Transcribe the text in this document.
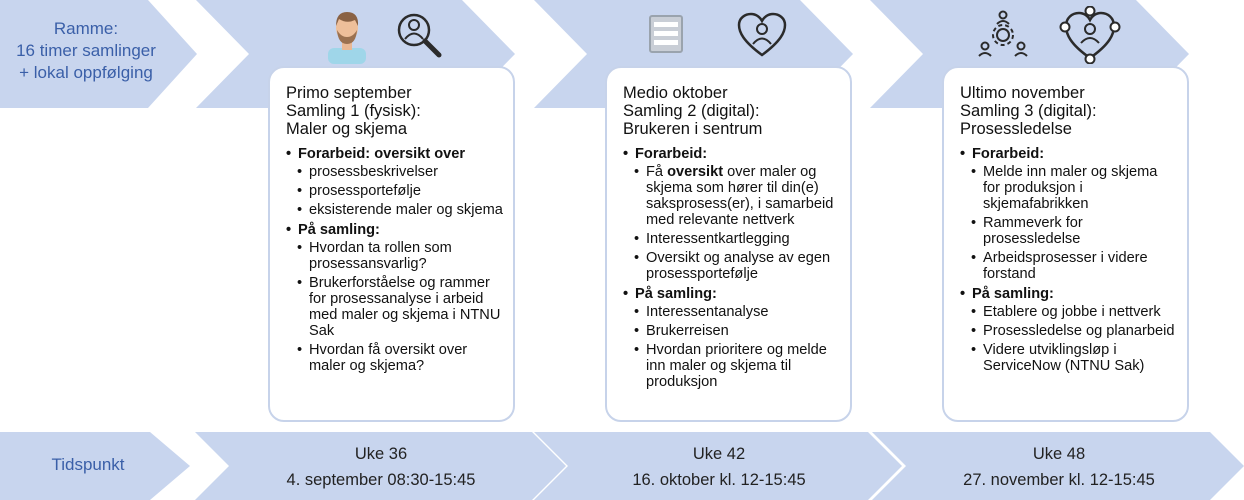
Ramme:
16 timer samlinger
+ lokal oppfølging
Primo september
Samling 1 (fysisk):
Maler og skjema
• Forarbeid: oversikt over
• prosessbeskrivelser
• prosessportefølje
• eksisterende maler og skjema
• På samling:
• Hvordan ta rollen som prosessansvarlig?
• Brukerforståelse og rammer for prosessanalyse i arbeid med maler og skjema i NTNU Sak
• Hvordan få oversikt over maler og skjema?
Medio oktober
Samling 2 (digital):
Brukeren i sentrum
• Forarbeid:
• Få oversikt over maler og skjema som hører til din(e) saksprosess(er), i samarbeid med relevante nettverk
• Interessentkartlegging
• Oversikt og analyse av egen prosessportefølje
• På samling:
• Interessentanalyse
• Brukerreisen
• Hvordan prioritere og melde inn maler og skjema til produksjon
Ultimo november
Samling 3 (digital):
Prosessledelse
• Forarbeid:
• Melde inn maler og skjema for produksjon i skjemafabrikken
• Rammeverk for prosessledelse
• Arbeidsprosesser i videre forstand
• På samling:
• Etablere og jobbe i nettverk
• Prosessledelse og planarbeid
• Videre utviklingsløp i ServiceNow (NTNU Sak)
Tidspunkt
Uke 36
4. september 08:30-15:45
Uke 42
16. oktober kl. 12-15:45
Uke 48
27. november kl. 12-15:45
